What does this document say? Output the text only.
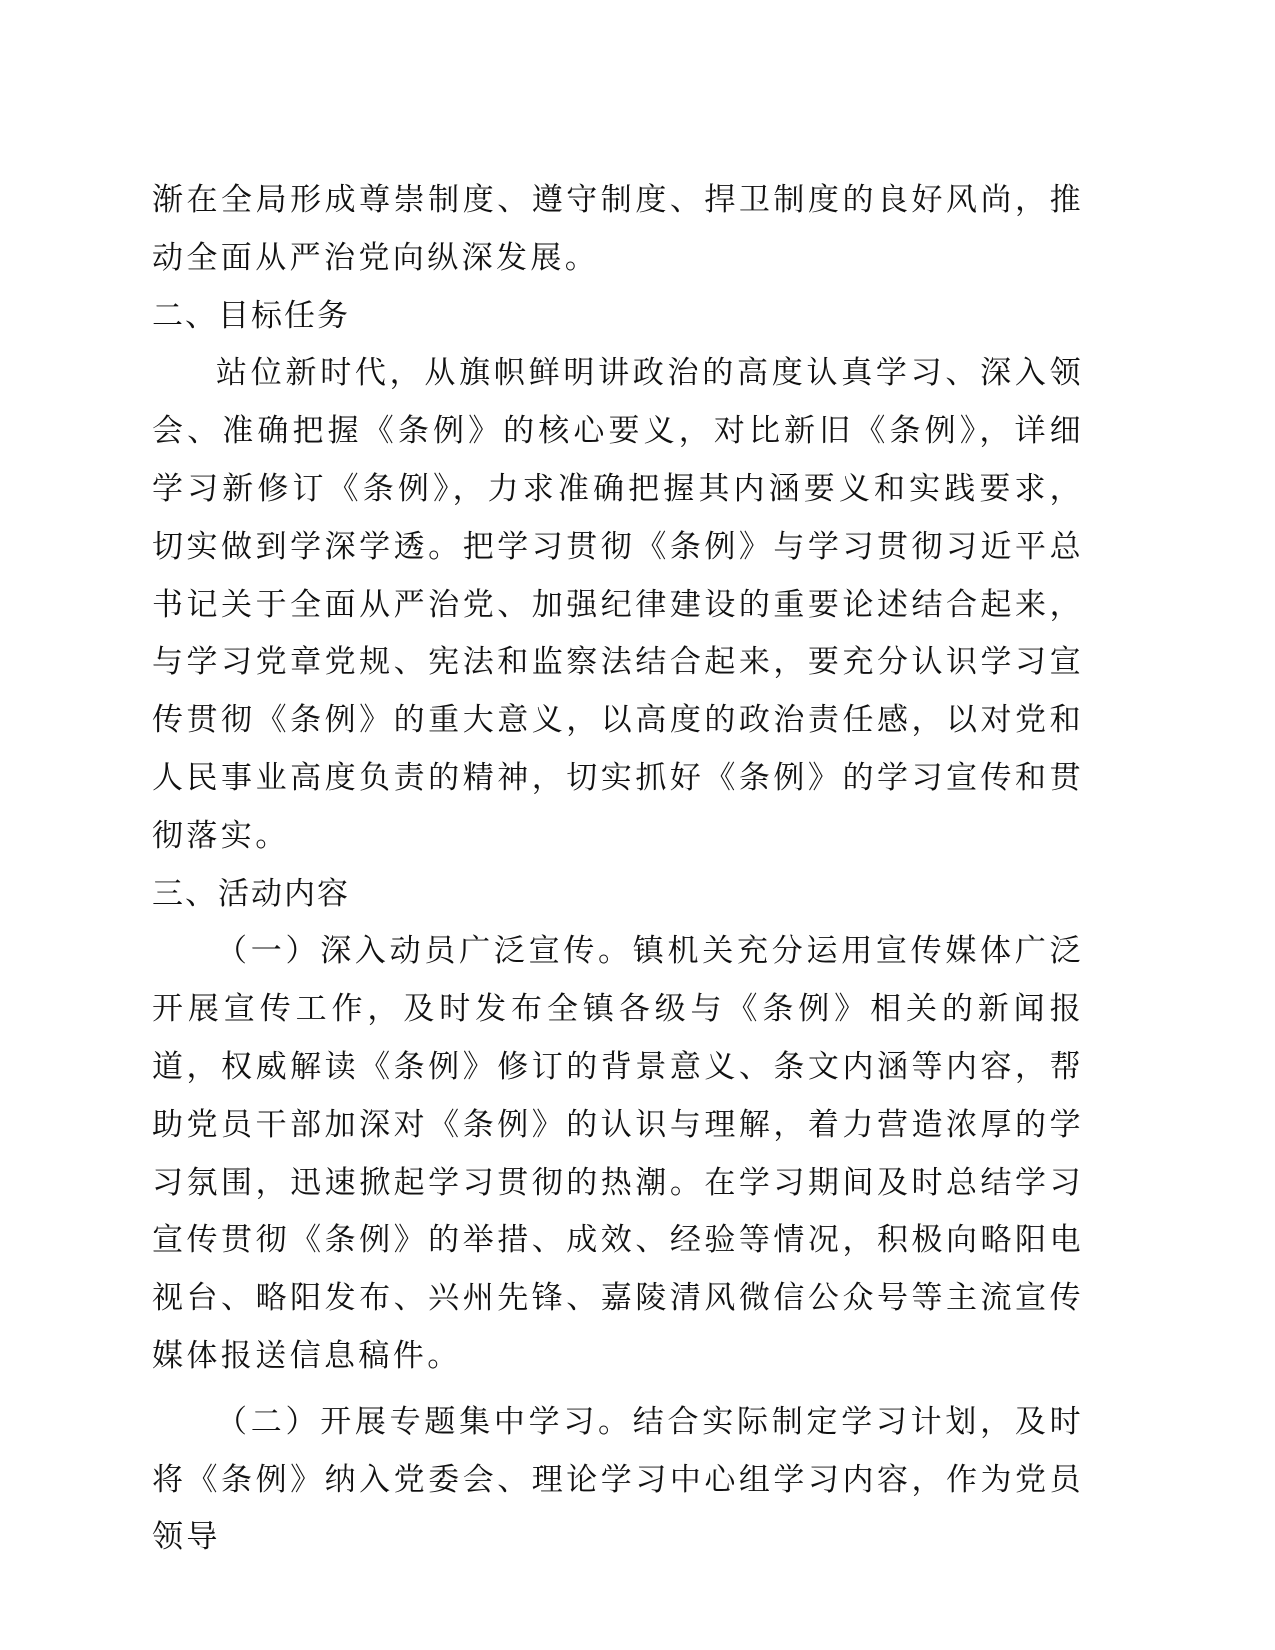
渐在全局形成尊崇制度、遵守制度、捍卫制度的良好风尚，推动全面从严治党向纵深发展。

二、目标任务

站位新时代，从旗帜鲜明讲政治的高度认真学习、深入领会、准确把握《条例》的核心要义，对比新旧《条例》，详细学习新修订《条例》，力求准确把握其内涵要义和实践要求，切实做到学深学透。把学习贯彻《条例》与学习贯彻习近平总书记关于全面从严治党、加强纪律建设的重要论述结合起来，与学习党章党规、宪法和监察法结合起来，要充分认识学习宣传贯彻《条例》的重大意义，以高度的政治责任感，以对党和人民事业高度负责的精神，切实抓好《条例》的学习宣传和贯彻落实。

三、活动内容

（一）深入动员广泛宣传。镇机关充分运用宣传媒体广泛开展宣传工作，及时发布全镇各级与《条例》相关的新闻报道，权威解读《条例》修订的背景意义、条文内涵等内容，帮助党员干部加深对《条例》的认识与理解，着力营造浓厚的学习氛围，迅速掀起学习贯彻的热潮。在学习期间及时总结学习宣传贯彻《条例》的举措、成效、经验等情况，积极向略阳电视台、略阳发布、兴州先锋、嘉陵清风微信公众号等主流宣传媒体报送信息稿件。

（二）开展专题集中学习。结合实际制定学习计划，及时将《条例》纳入党委会、理论学习中心组学习内容，作为党员领导
